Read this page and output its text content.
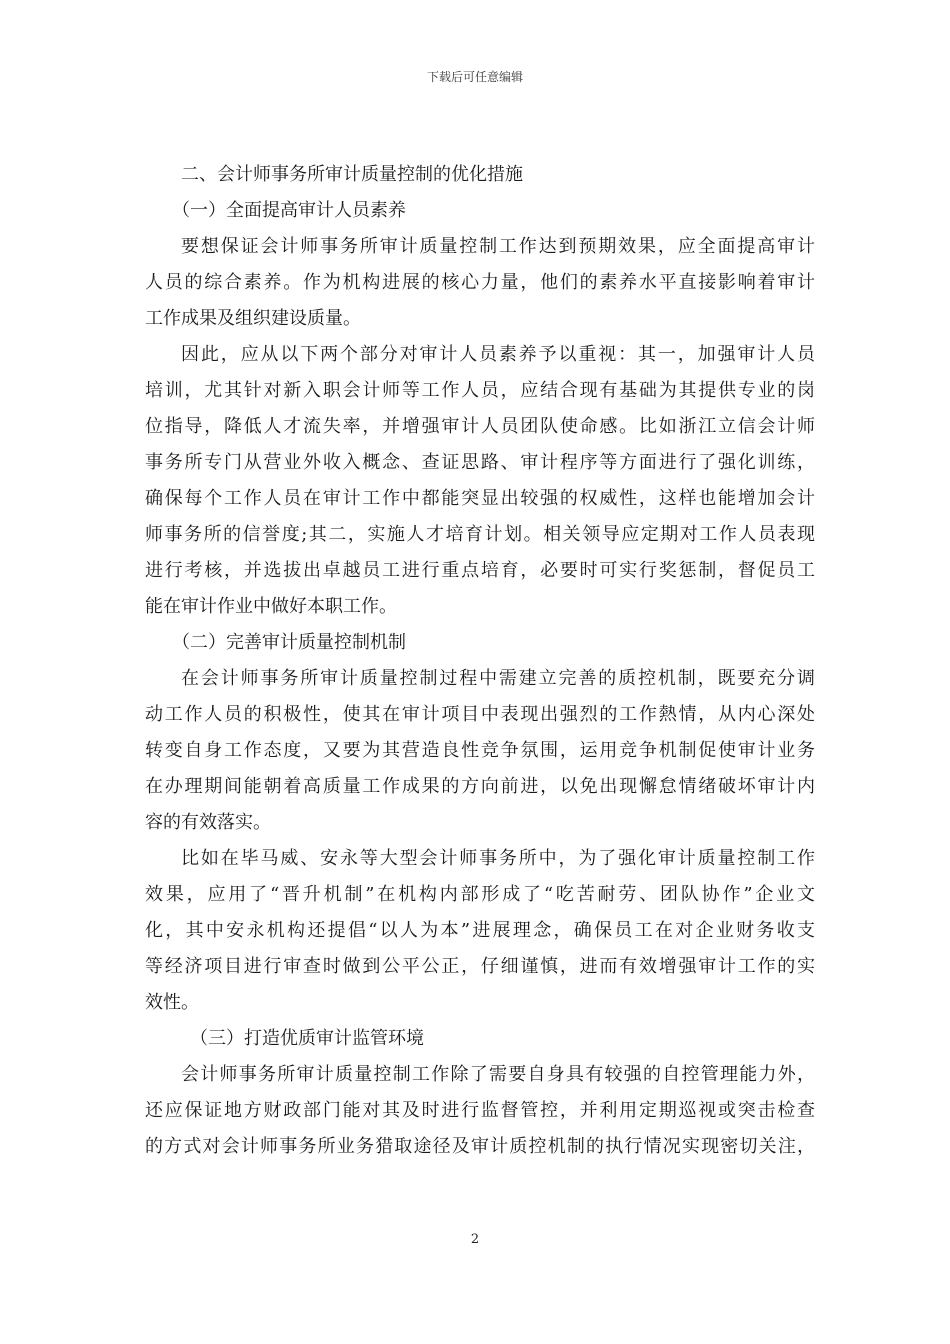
下载后可任意编辑
二、会计师事务所审计质量控制的优化措施
（一）全面提高审计人员素养
要想保证会计师事务所审计质量控制工作达到预期效果，应全面提高审计
人员的综合素养。作为机构进展的核心力量，他们的素养水平直接影响着审计
工作成果及组织建设质量。
因此，应从以下两个部分对审计人员素养予以重视：其一，加强审计人员
培训，尤其针对新入职会计师等工作人员，应结合现有基础为其提供专业的岗
位指导，降低人才流失率，并增强审计人员团队使命感。比如浙江立信会计师
事务所专门从营业外收入概念、查证思路、审计程序等方面进行了强化训练，
确保每个工作人员在审计工作中都能突显出较强的权威性，这样也能增加会计
师事务所的信誉度;其二，实施人才培育计划。相关领导应定期对工作人员表现
进行考核，并选拔出卓越员工进行重点培育，必要时可实行奖惩制，督促员工
能在审计作业中做好本职工作。
（二）完善审计质量控制机制
在会计师事务所审计质量控制过程中需建立完善的质控机制，既要充分调
动工作人员的积极性，使其在审计项目中表现出强烈的工作熱情，从内心深处
转变自身工作态度，又要为其营造良性竞争氛围，运用竞争机制促使审计业务
在办理期间能朝着高质量工作成果的方向前进，以免出现懈怠情绪破坏审计内
容的有效落实。
比如在毕马威、安永等大型会计师事务所中，为了强化审计质量控制工作
效果，应用了“晋升机制”在机构内部形成了“吃苦耐劳、团队协作”企业文
化，其中安永机构还提倡“以人为本”进展理念，确保员工在对企业财务收支
等经济项目进行审查时做到公平公正，仔细谨慎，进而有效增强审计工作的实
效性。
（三）打造优质审计监管环境
会计师事务所审计质量控制工作除了需要自身具有较强的自控管理能力外，
还应保证地方财政部门能对其及时进行监督管控，并利用定期巡视或突击检查
的方式对会计师事务所业务猎取途径及审计质控机制的执行情况实现密切关注，
2
